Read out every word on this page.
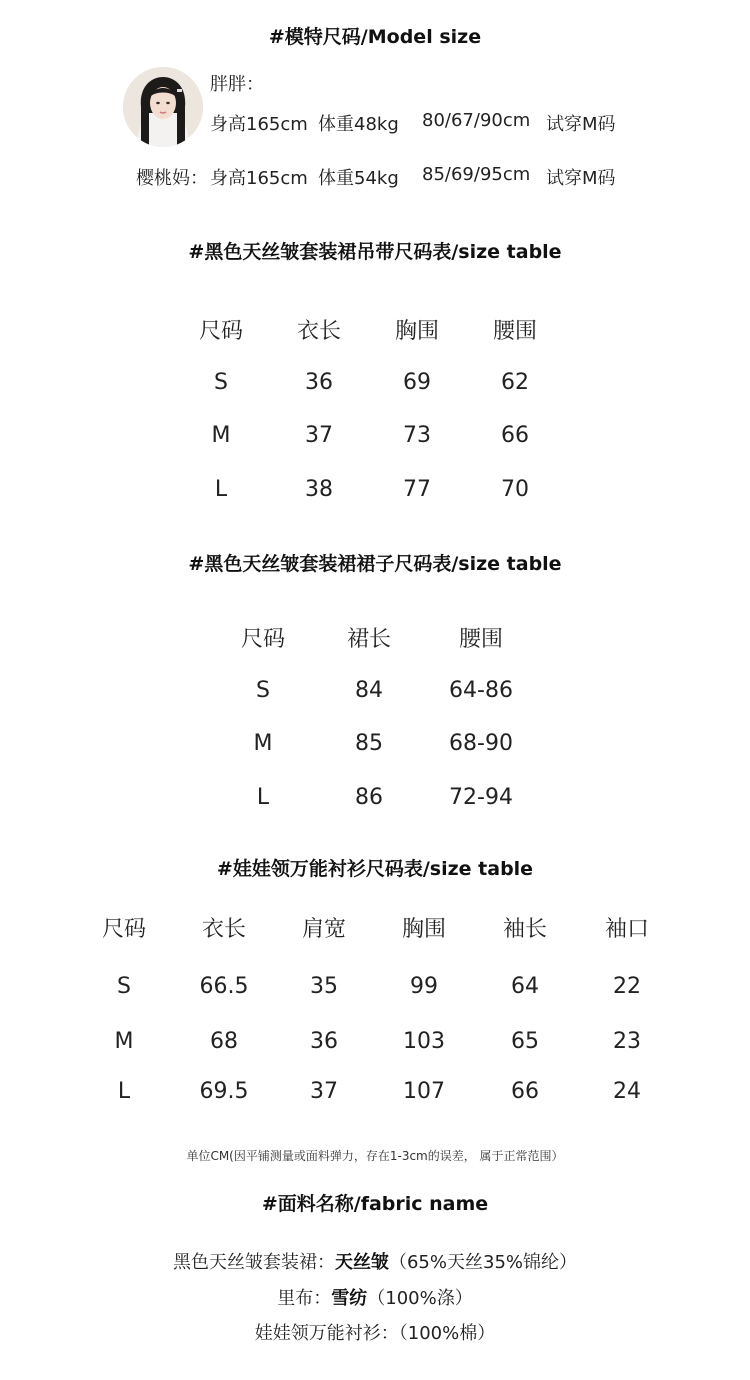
#模特尺码/Model size
胖胖：
身高165cm 体重48kg 80/67/90cm 试穿M码
樱桃妈： 身高165cm 体重54kg 85/69/95cm 试穿M码
#黑色天丝皱套装裙吊带尺码表/size table
尺码	衣长	胸围	腰围
S	36	69	62
M	37	73	66
L	38	77	70
#黑色天丝皱套装裙裙子尺码表/size table
尺码	裙长	腰围
S	84	64-86
M	85	68-90
L	86	72-94
#娃娃领万能衬衫尺码表/size table
尺码	衣长	肩宽	胸围	袖长	袖口
S	66.5	35	99	64	22
M	68	36	103	65	23
L	69.5	37	107	66	24
单位CM(因平铺测量或面料弹力，存在1-3cm的误差， 属于正常范围）
#面料名称/fabric name
黑色天丝皱套装裙：天丝皱（65%天丝35%锦纶）
里布：雪纺（100%涤）
娃娃领万能衬衫：（100%棉）
